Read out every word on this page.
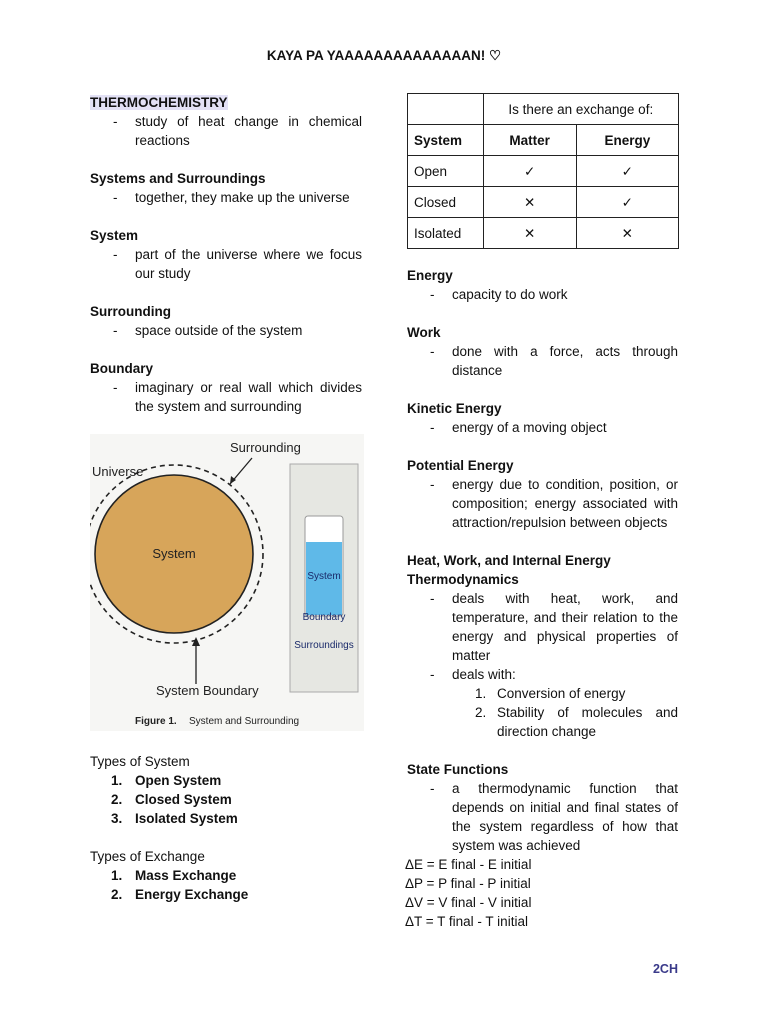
KAYA PA YAAAAAAAAAAAAAAN! ♡
THERMOCHEMISTRY
- study of heat change in chemical reactions
Systems and Surroundings
- together, they make up the universe
System
- part of the universe where we focus our study
Surrounding
- space outside of the system
Boundary
- imaginary or real wall which divides the system and surrounding
System
Universe
Surrounding
System Boundary
System
Boundary
Surroundings
Figure 1. System and Surrounding
Types of System
1. Open System
2. Closed System
3. Isolated System
Types of Exchange
1. Mass Exchange
2. Energy Exchange
	Is there an exchange of:	
System	Matter	Energy
Open	✓	✓
Closed	✕	✓
Isolated	✕	✕
Energy
- capacity to do work
Work
- done with a force, acts through distance
Kinetic Energy
- energy of a moving object
Potential Energy
- energy due to condition, position, or composition; energy associated with attraction/repulsion between objects
Heat, Work, and Internal Energy
Thermodynamics
- deals with heat, work, and temperature, and their relation to the energy and physical properties of matter
- deals with:
1. Conversion of energy
2. Stability of molecules and direction change
State Functions
- a thermodynamic function that depends on initial and final states of the system regardless of how that system was achieved
ΔE = E final - E initial
ΔP = P final - P initial
ΔV = V final - V initial
ΔT = T final - T initial
2CH
